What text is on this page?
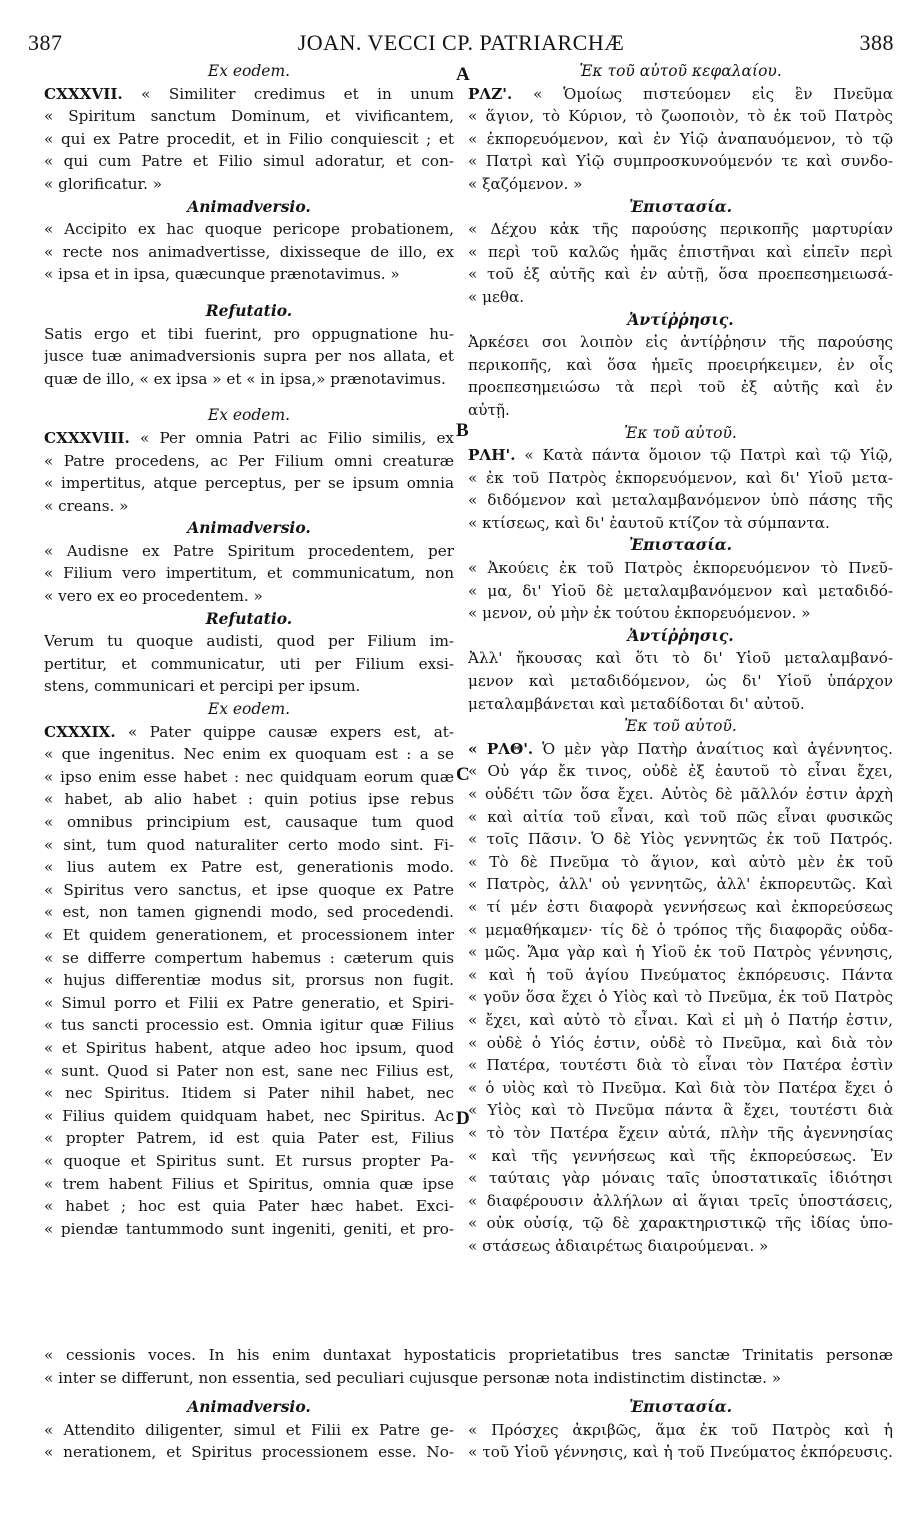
387	JOAN. VECCI CP. PATRIARCHÆ	388
Ex eodem.
CXXXVII. « Similiter credimus et in unum
« Spiritum sanctum Dominum, et vivificantem,
« qui ex Patre procedit, et in Filio conquiescit ; et
« qui cum Patre et Filio simul adoratur, et con-
« glorificatur. »
Animadversio.
« Accipito ex hac quoque pericope probationem,
« recte nos animadvertisse, dixisseque de illo, ex
« ipsa et in ipsa, quæcunque prænotavimus. »
Refutatio.
Satis ergo et tibi fuerint, pro oppugnatione hu-
jusce tuæ animadversionis supra per nos allata, et
quæ de illo, « ex ipsa » et « in ipsa,» prænotavimus.
Ex eodem.
CXXXVIII. « Per omnia Patri ac Filio similis, ex
« Patre procedens, ac Per Filium omni creaturæ
« impertitus, atque perceptus, per se ipsum omnia
« creans. »
Animadversio.
« Audisne ex Patre Spiritum procedentem, per
« Filium vero impertitum, et communicatum, non
« vero ex eo procedentem. »
Refutatio.
Verum tu quoque audisti, quod per Filium im-
pertitur, et communicatur, uti per Filium exsi-
stens, communicari et percipi per ipsum.
Ex eodem.
CXXXIX. « Pater quippe causæ expers est, at-
« que ingenitus. Nec enim ex quoquam est : a se
« ipso enim esse habet : nec quidquam eorum quæ
« habet, ab alio habet : quin potius ipse rebus
« omnibus principium est, causaque tum quod
« sint, tum quod naturaliter certo modo sint. Fi-
« lius autem ex Patre est, generationis modo.
« Spiritus vero sanctus, et ipse quoque ex Patre
« est, non tamen gignendi modo, sed procedendi.
« Et quidem generationem, et processionem inter
« se differre compertum habemus : cæterum quis
« hujus differentiæ modus sit, prorsus non fugit.
« Simul porro et Filii ex Patre generatio, et Spiri-
« tus sancti processio est. Omnia igitur quæ Filius
« et Spiritus habent, atque adeo hoc ipsum, quod
« sunt. Quod si Pater non est, sane nec Filius est,
« nec Spiritus. Itidem si Pater nihil habet, nec
« Filius quidem quidquam habet, nec Spiritus. Ac
« propter Patrem, id est quia Pater est, Filius
« quoque et Spiritus sunt. Et rursus propter Pa-
« trem habent Filius et Spiritus, omnia quæ ipse
« habet ; hoc est quia Pater hæc habet. Exci-
« piendæ tantummodo sunt ingeniti, geniti, et pro-
Ἐκ τοῦ αὐτοῦ κεφαλαίου.
ΡΛΖ'. « Ὁμοίως πιστεύομεν εἰς ἓν Πνεῦμα
« ἅγιον, τὸ Κύριον, τὸ ζωοποιὸν, τὸ ἐκ τοῦ Πατρὸς
« ἐκπορευόμενον, καὶ ἐν Υἱῷ ἀναπαυόμενον, τὸ τῷ
« Πατρὶ καὶ Υἱῷ συμπροσκυνούμενόν τε καὶ συνδο-
« ξαζόμενον. »
Ἐπιστασία.
« Δέχου κἀκ τῆς παρούσης περικοπῆς μαρτυρίαν
« περὶ τοῦ καλῶς ἡμᾶς ἐπιστῆναι καὶ εἰπεῖν περὶ
« τοῦ ἐξ αὐτῆς καὶ ἐν αὐτῇ, ὅσα προεπεσημειωσά-
« μεθα.
Ἀντίῤῥησις.
Ἀρκέσει σοι λοιπὸν εἰς ἀντίῤῥησιν τῆς παρούσης
περικοπῆς, καὶ ὅσα ἡμεῖς προειρήκειμεν, ἐν οἷς
προεπεσημειώσω τὰ περὶ τοῦ ἐξ αὐτῆς καὶ ἐν
αὐτῇ.
Ἐκ τοῦ αὐτοῦ.
ΡΛΗ'. « Κατὰ πάντα ὅμοιον τῷ Πατρὶ καὶ τῷ Υἱῷ,
« ἐκ τοῦ Πατρὸς ἐκπορευόμενον, καὶ δι' Υἱοῦ μετα-
« διδόμενον καὶ μεταλαμβανόμενον ὑπὸ πάσης τῆς
« κτίσεως, καὶ δι' ἑαυτοῦ κτίζον τὰ σύμπαντα.
Ἐπιστασία.
« Ἀκούεις ἐκ τοῦ Πατρὸς ἐκπορευόμενον τὸ Πνεῦ-
« μα, δι' Υἱοῦ δὲ μεταλαμβανόμενον καὶ μεταδιδό-
« μενον, οὐ μὴν ἐκ τούτου ἐκπορευόμενον. »
Ἀντίῤῥησις.
Ἀλλ' ἤκουσας καὶ ὅτι τὸ δι' Υἱοῦ μεταλαμβανό-
μενον καὶ μεταδιδόμενον, ὡς δι' Υἱοῦ ὑπάρχον
μεταλαμβάνεται καὶ μεταδίδοται δι' αὐτοῦ.
Ἐκ τοῦ αὐτοῦ.
« ΡΛΘ'. Ὁ μὲν γὰρ Πατὴρ ἀναίτιος καὶ ἀγέννητος.
« Οὐ γάρ ἔκ τινος, οὐδὲ ἐξ ἑαυτοῦ τὸ εἶναι ἔχει,
« οὐδέτι τῶν ὅσα ἔχει. Αὐτὸς δὲ μᾶλλόν ἐστιν ἀρχὴ
« καὶ αἰτία τοῦ εἶναι, καὶ τοῦ πῶς εἶναι φυσικῶς
« τοῖς Πᾶσιν. Ὁ δὲ Υἱὸς γεννητῶς ἐκ τοῦ Πατρός.
« Τὸ δὲ Πνεῦμα τὸ ἅγιον, καὶ αὐτὸ μὲν ἐκ τοῦ
« Πατρὸς, ἀλλ' οὐ γεννητῶς, ἀλλ' ἐκπορευτῶς. Καὶ
« τί μέν ἐστι διαφορὰ γεννήσεως καὶ ἐκπορεύσεως
« μεμαθήκαμεν· τίς δὲ ὁ τρόπος τῆς διαφορᾶς οὐδα-
« μῶς. Ἅμα γὰρ καὶ ἡ Υἱοῦ ἐκ τοῦ Πατρὸς γέννησις,
« καὶ ἡ τοῦ ἁγίου Πνεύματος ἐκπόρευσις. Πάντα
« γοῦν ὅσα ἔχει ὁ Υἱὸς καὶ τὸ Πνεῦμα, ἐκ τοῦ Πατρὸς
« ἔχει, καὶ αὐτὸ τὸ εἶναι. Καὶ εἰ μὴ ὁ Πατήρ ἐστιν,
« οὐδὲ ὁ Υἱός ἐστιν, οὐδὲ τὸ Πνεῦμα, καὶ διὰ τὸν
« Πατέρα, τουτέστι διὰ τὸ εἶναι τὸν Πατέρα ἐστὶν
« ὁ υἱὸς καὶ τὸ Πνεῦμα. Καὶ διὰ τὸν Πατέρα ἔχει ὁ
« Υἱὸς καὶ τὸ Πνεῦμα πάντα ἃ ἔχει, τουτέστι διὰ
« τὸ τὸν Πατέρα ἔχειν αὐτά, πλὴν τῆς ἀγεννησίας
« καὶ τῆς γεννήσεως καὶ τῆς ἐκπορεύσεως. Ἐν
« ταύταις γὰρ μόναις ταῖς ὑποστατικαῖς ἰδιότησι
« διαφέρουσιν ἀλλήλων αἱ ἅγιαι τρεῖς ὑποστάσεις,
« οὐκ οὐσίᾳ, τῷ δὲ χαρακτηριστικῷ τῆς ἰδίας ὑπο-
« στάσεως ἀδιαιρέτως διαιρούμεναι. »
A
B
C
D
« cessionis voces. In his enim duntaxat hypostaticis proprietatibus tres sanctæ Trinitatis personæ
« inter se differunt, non essentia, sed peculiari cujusque personæ nota indistinctim distinctæ. »
Animadversio.
« Attendito diligenter, simul et Filii ex Patre ge-
« nerationem, et Spiritus processionem esse. No-
Ἐπιστασία.
« Πρόσχες ἀκριβῶς, ἅμα ἐκ τοῦ Πατρὸς καὶ ἡ
« τοῦ Υἱοῦ γέννησις, καὶ ἡ τοῦ Πνεύματος ἐκπόρευσις.
